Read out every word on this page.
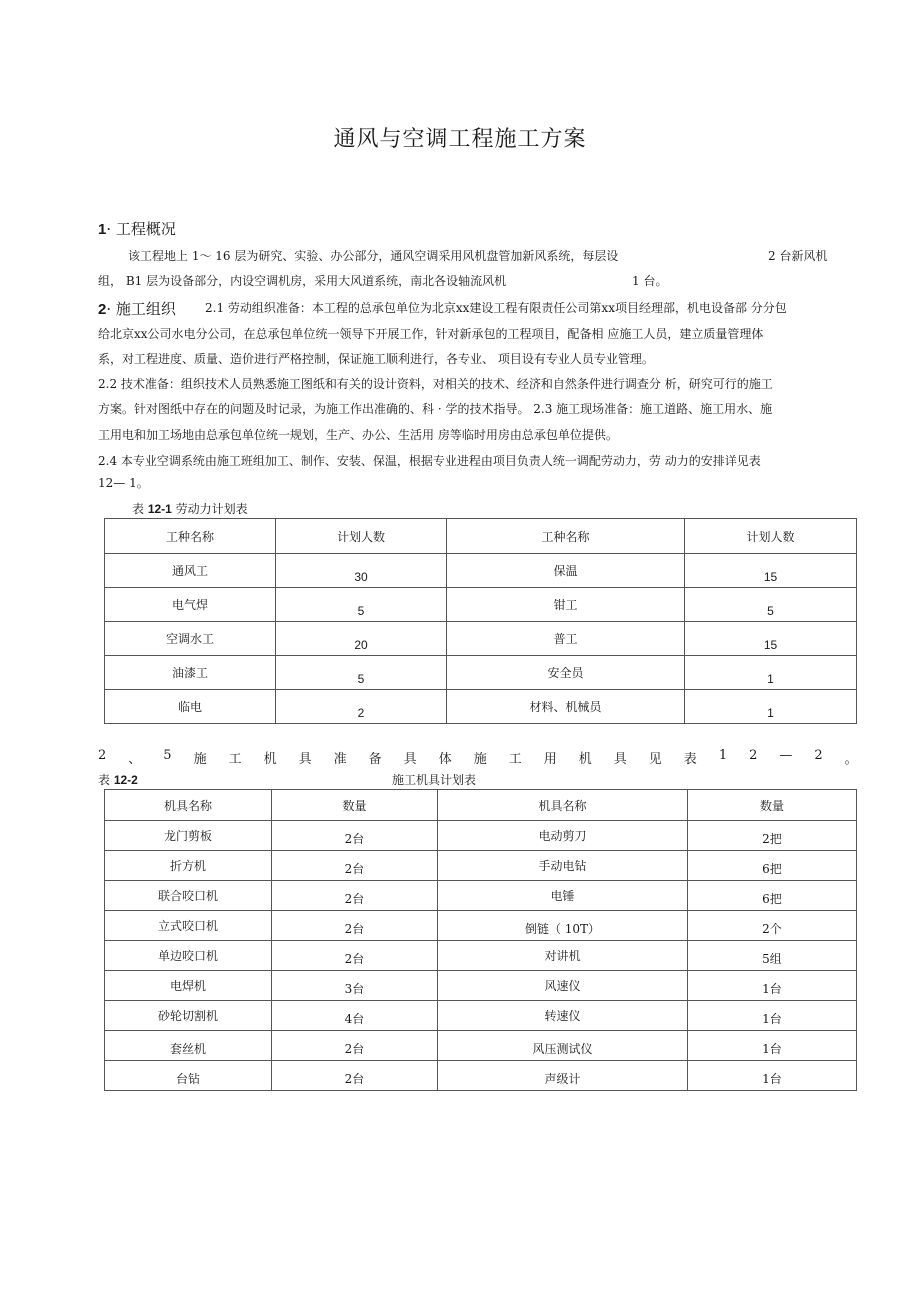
通风与空调工程施工方案
1· 工程概况
该工程地上 1～ 16 层为研究、实验、办公部分，通风空调采用风机盘管加新风系统，每层设	2 台新风机
组， B1 层为设备部分，内设空调机房，采用大风道系统，南北各设轴流风机	1 台。
2· 施工组织 2.1 劳动组织准备：本工程的总承包单位为北京xx建设工程有限责任公司第xx项目经理部，机电设备部 分分包
给北京xx公司水电分公司，在总承包单位统一领导下开展工作，针对新承包的工程项目，配备相 应施工人员，建立质量管理体
系，对工程进度、质量、造价进行严格控制，保证施工顺利进行，各专业、 项目设有专业人员专业管理。
2.2 技术准备：组织技术人员熟悉施工图纸和有关的设计资料，对相关的技术、经济和自然条件进行调查分 析，研究可行的施工
方案。针对图纸中存在的问题及时记录，为施工作出准确的、科 · 学的技术指导。 2.3 施工现场准备：施工道路、施工用水、施
工用电和加工场地由总承包单位统一规划，生产、办公、生活用 房等临时用房由总承包单位提供。
2.4 本专业空调系统由施工班组加工、制作、安装、保温，根据专业进程由项目负责人统一调配劳动力，劳 动力的安排详见表
12— 1。
表 12-1 劳动力计划表
工种名称	计划人数	工种名称	计划人数
通风工	30	保温	15
电气焊	5	钳工	5
空调水工	20	普工	15
油漆工	5	安全员	1
临电	2	材料、机械员	1
2 、 5 施 工 机 具 准 备 具 体 施 工 用 机 具 见 表 1 2 — 2 。
表 12-2	施工机具计划表
机具名称	数量	机具名称	数量
龙门剪板	2台	电动剪刀	2把
折方机	2台	手动电钻	6把
联合咬口机	2台	电锤	6把
立式咬口机	2台	倒链（ 10T）	2个
单边咬口机	2台	对讲机	5组
电焊机	3台	风速仪	1台
砂轮切割机	4台	转速仪	1台
套丝机	2台	风压测试仪	1台
台钻	2台	声级计	1台
